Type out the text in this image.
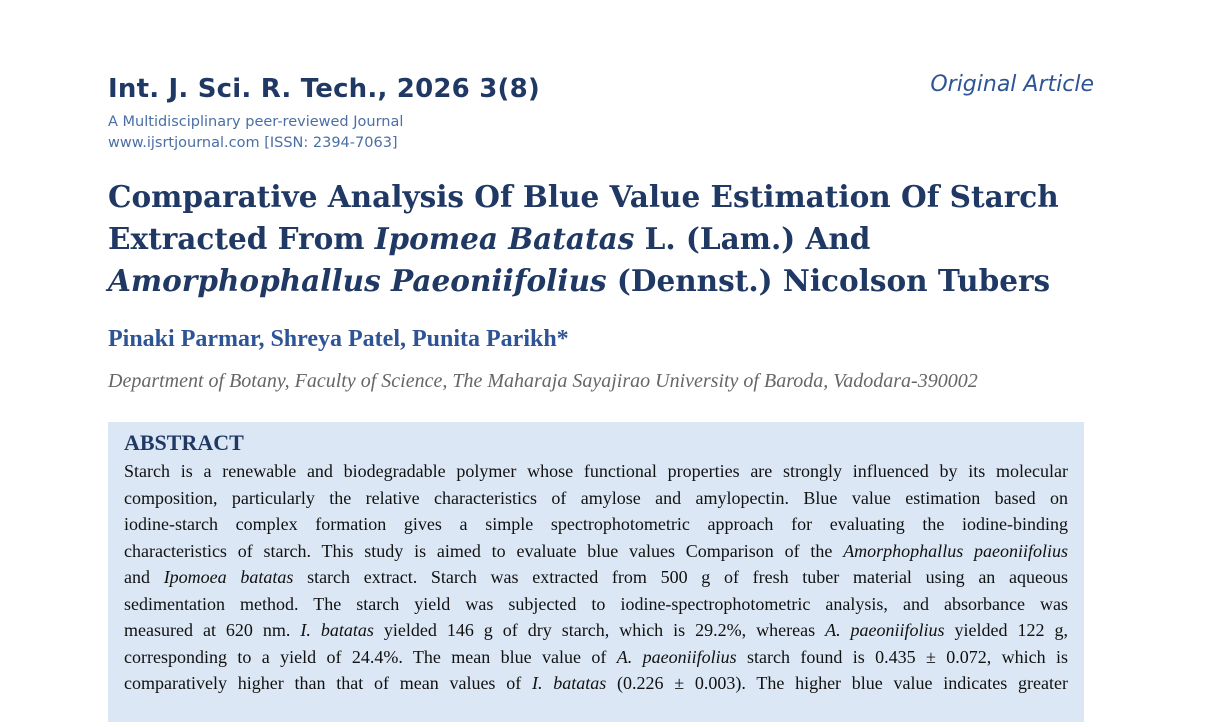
Int. J. Sci. R. Tech., 2026 3(8)
A Multidisciplinary peer-reviewed Journal
www.ijsrtjournal.com [ISSN: 2394-7063]
Original Article
Comparative Analysis Of Blue Value Estimation Of Starch
Extracted From Ipomea Batatas L. (Lam.) And
Amorphophallus Paeoniifolius (Dennst.) Nicolson Tubers
Pinaki Parmar, Shreya Patel, Punita Parikh*
Department of Botany, Faculty of Science, The Maharaja Sayajirao University of Baroda, Vadodara-390002
ABSTRACT
Starch is a renewable and biodegradable polymer whose functional properties are strongly influenced by its molecular
composition, particularly the relative characteristics of amylose and amylopectin. Blue value estimation based on
iodine-starch complex formation gives a simple spectrophotometric approach for evaluating the iodine-binding
characteristics of starch. This study is aimed to evaluate blue values Comparison of the Amorphophallus paeoniifolius
and Ipomoea batatas starch extract. Starch was extracted from 500 g of fresh tuber material using an aqueous
sedimentation method. The starch yield was subjected to iodine-spectrophotometric analysis, and absorbance was
measured at 620 nm. I. batatas yielded 146 g of dry starch, which is 29.2%, whereas A. paeoniifolius yielded 122 g,
corresponding to a yield of 24.4%. The mean blue value of A. paeoniifolius starch found is 0.435 ± 0.072, which is
comparatively higher than that of mean values of I. batatas (0.226 ± 0.003). The higher blue value indicates greater
